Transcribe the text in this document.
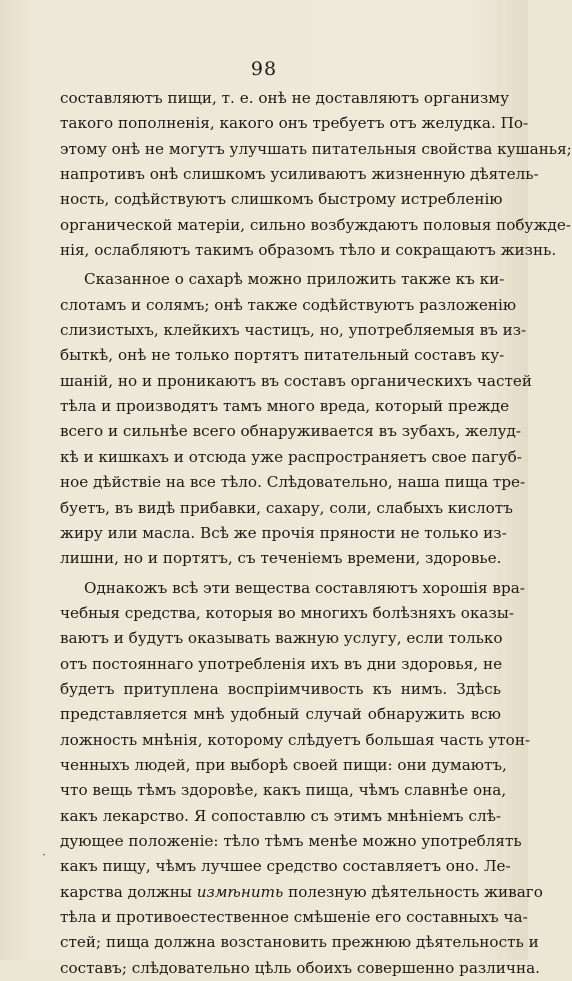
98
·
составляютъ пищи, т. е. онѣ не доставляютъ организму
такого пополненія, какого онъ требуетъ отъ желудка. По-
этому онѣ не могутъ улучшать питательныя свойства кушанья;
напротивъ онѣ слишкомъ усиливаютъ жизненную дѣятель-
ность, содѣйствуютъ слишкомъ быстрому истребленію
органической матеріи, сильно возбуждаютъ половыя побужде-
нія, ослабляютъ такимъ образомъ тѣло и сокращаютъ жизнь.
Сказанное о сахарѣ можно приложить также къ ки-
слотамъ и солямъ; онѣ также содѣйствуютъ разложенію
слизистыхъ, клейкихъ частицъ, но, употребляемыя въ из-
быткѣ, онѣ не только портятъ питательный составъ ку-
шаній, но и проникаютъ въ составъ органическихъ частей
тѣла и производятъ тамъ много вреда, который прежде
всего и сильнѣе всего обнаруживается въ зубахъ, желуд-
кѣ и кишкахъ и отсюда уже распространяетъ свое пагуб-
ное дѣйствіе на все тѣло. Слѣдовательно, наша пища тре-
буетъ, въ видѣ прибавки, сахару, соли, слабыхъ кислотъ
жиру или масла. Всѣ же прочія пряности не только из-
лишни, но и портятъ, съ теченіемъ времени, здоровье.
Однакожъ всѣ эти вещества составляютъ хорошія вра-
чебныя средства, которыя во многихъ болѣзняхъ оказы-
ваютъ и будутъ оказывать важную услугу, если только
отъ постояннаго употребленія ихъ въ дни здоровья, не
будетъ притуплена воспріимчивость къ нимъ. Здѣсь
представляется мнѣ удобный случай обнаружить всю
ложность мнѣнія, которому слѣдуетъ большая часть утон-
ченныхъ людей, при выборѣ своей пищи: они думаютъ,
что вещь тѣмъ здоровѣе, какъ пища, чѣмъ славнѣе она,
какъ лекарство. Я сопоставлю съ этимъ мнѣніемъ слѣ-
дующее положеніе: тѣло тѣмъ менѣе можно употреблять
какъ пищу, чѣмъ лучшее средство составляетъ оно. Ле-
карства должны измѣнить полезную дѣятельность живаго
тѣла и противоестественное смѣшеніе его составныхъ ча-
стей; пища должна возстановить прежнюю дѣятельность и
составъ; слѣдовательно цѣль обоихъ совершенно различна.
